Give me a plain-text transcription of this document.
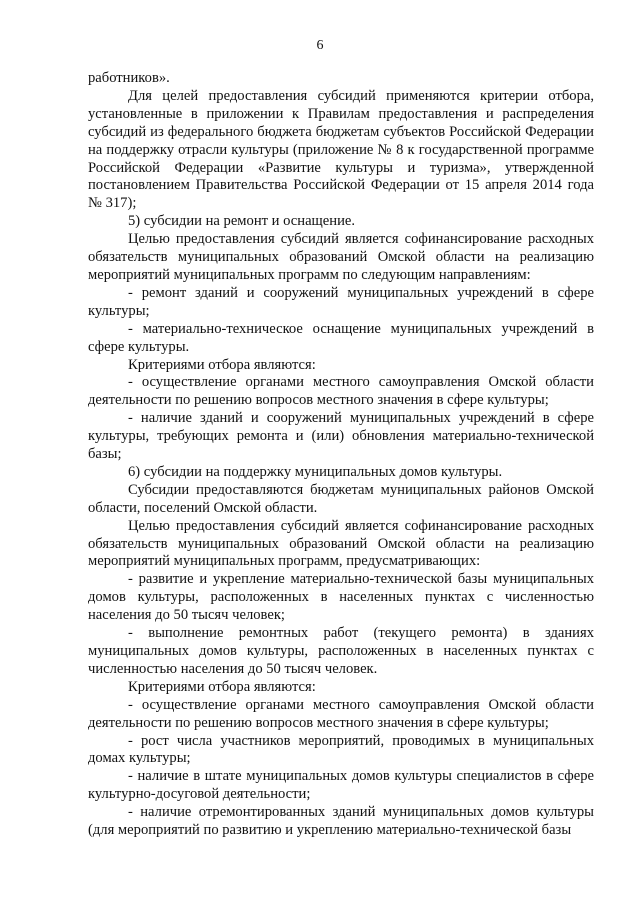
6

работников».

Для целей предоставления субсидий применяются критерии отбора, установленные в приложении к Правилам предоставления и распределения субсидий из федерального бюджета бюджетам субъектов Российской Федерации на поддержку отрасли культуры (приложение № 8 к государственной программе Российской Федерации «Развитие культуры и туризма», утвержденной постановлением Правительства Российской Федерации от 15 апреля 2014 года № 317);

5) субсидии на ремонт и оснащение.

Целью предоставления субсидий является софинансирование расходных обязательств муниципальных образований Омской области на реализацию мероприятий муниципальных программ по следующим направлениям:

- ремонт зданий и сооружений муниципальных учреждений в сфере культуры;

- материально-техническое оснащение муниципальных учреждений в сфере культуры.

Критериями отбора являются:

- осуществление органами местного самоуправления Омской области деятельности по решению вопросов местного значения в сфере культуры;

- наличие зданий и сооружений муниципальных учреждений в сфере культуры, требующих ремонта и (или) обновления материально-технической базы;

6) субсидии на поддержку муниципальных домов культуры.

Субсидии предоставляются бюджетам муниципальных районов Омской области, поселений Омской области.

Целью предоставления субсидий является софинансирование расходных обязательств муниципальных образований Омской области на реализацию мероприятий муниципальных программ, предусматривающих:

- развитие и укрепление материально-технической базы муниципальных домов культуры, расположенных в населенных пунктах с численностью населения до 50 тысяч человек;

- выполнение ремонтных работ (текущего ремонта) в зданиях муниципальных домов культуры, расположенных в населенных пунктах с численностью населения до 50 тысяч человек.

Критериями отбора являются:

- осуществление органами местного самоуправления Омской области деятельности по решению вопросов местного значения в сфере культуры;

- рост числа участников мероприятий, проводимых в муниципальных домах культуры;

- наличие в штате муниципальных домов культуры специалистов в сфере культурно-досуговой деятельности;

- наличие отремонтированных зданий муниципальных домов культуры (для мероприятий по развитию и укреплению материально-технической базы
